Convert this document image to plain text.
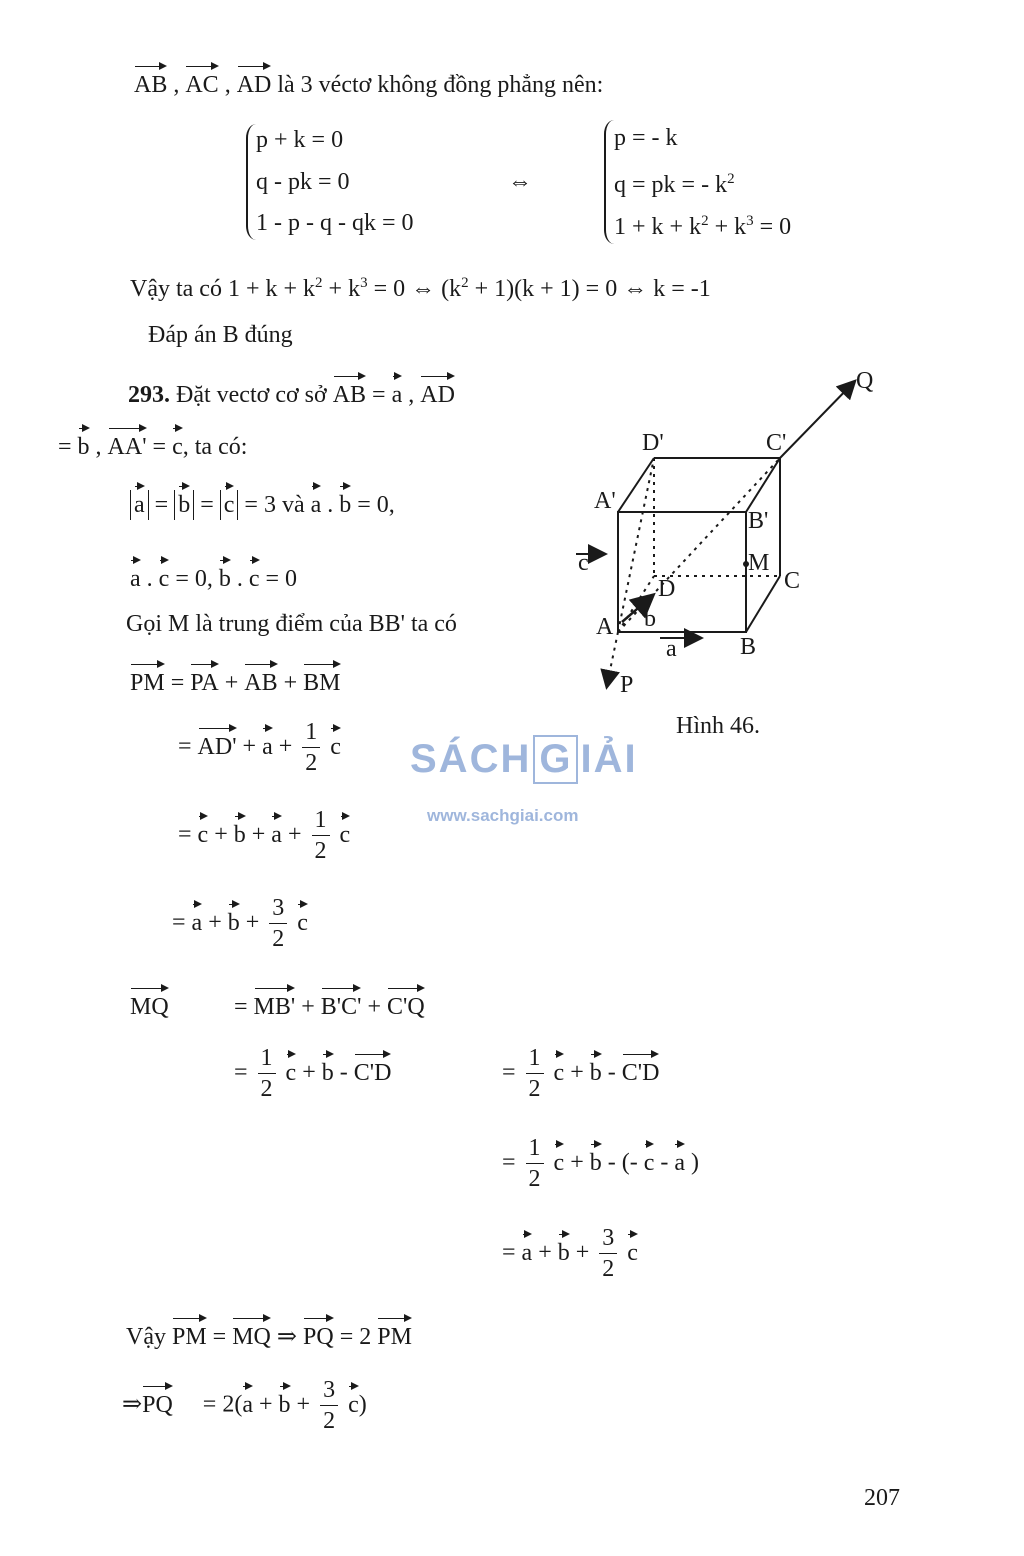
AB , AC , AD là 3 véctơ không đồng phẳng nên:
p + k = 0
q - pk = 0
1 - p - q - qk = 0
⇔
p = - k
q = pk = - $k^2$
$1 + k + k^2 + k^3 = 0$
Vậy ta có $1 + k + k^2 + k^3 = 0$ ⇔ $(k^2 + 1)(k + 1) = 0$ ⇔ k = -1
Đáp án B đúng
293. Đặt vectơ cơ sở AB = a , AD
= b , AA' = c, ta có:
a = b = c = 3 và a . b = 0,
a . c = 0, b . c = 0
Gọi M là trung điểm của BB' ta có
PM = PA + AB + BM
= $AD' + a + \frac{1}{2}$ c
= $c + b + a + \frac{1}{2}$ c
= $a + b + \frac{3}{2}$ c
MQ	= MB' + B'C' + C'Q
= $\frac{1}{2}$ c + b - C'D	= $\frac{1}{2}$ c + b - C'D
= $\frac{1}{2}$ c + b - (- c - a )
= $a + b + \frac{3}{2}$ c
Vậy PM = MQ ⇒ PQ = 2 PM
⇒PQ = $2(a + b + \frac{3}{2} c)$
Q
D'	C'
A'
B'
M
C
D
A
B
P
a
b
c
Hình 46.
SÁCH G IẢI
www.sachgiai.com
207
